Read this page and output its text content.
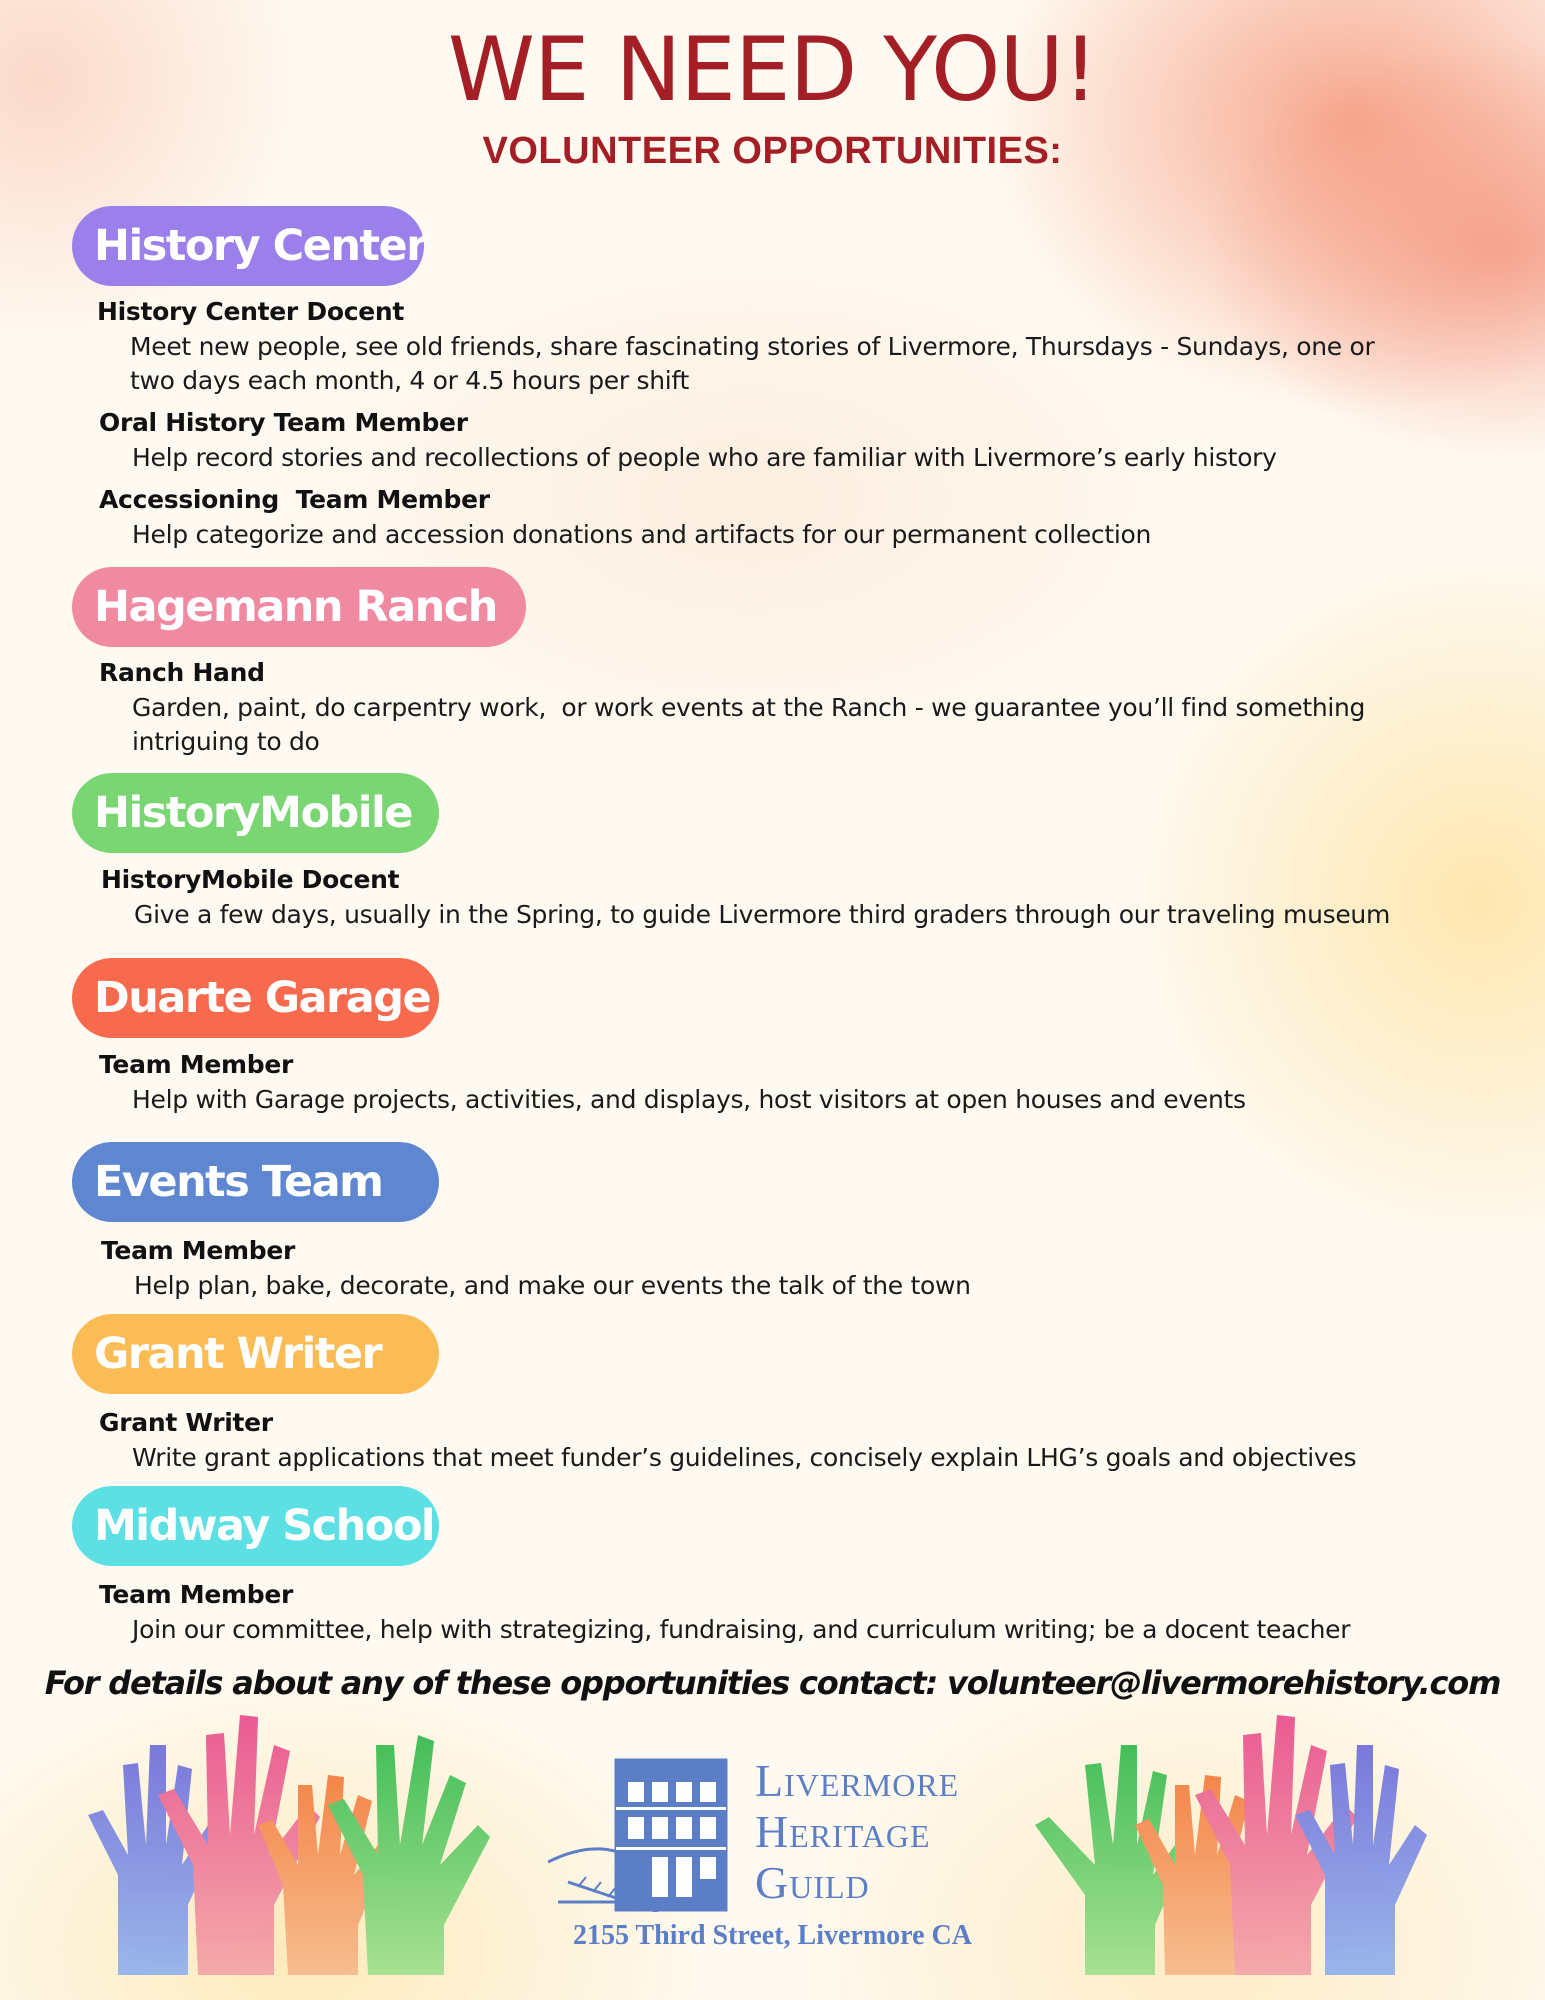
WE NEED YOU!
VOLUNTEER OPPORTUNITIES:
History Center
History Center Docent
Meet new people, see old friends, share fascinating stories of Livermore, Thursdays - Sundays, one or two days each month, 4 or 4.5 hours per shift
Oral History Team Member
Help record stories and recollections of people who are familiar with Livermore’s early history
Accessioning  Team Member
Help categorize and accession donations and artifacts for our permanent collection
Hagemann Ranch
Ranch Hand
Garden, paint, do carpentry work,  or work events at the Ranch - we guarantee you’ll find something intriguing to do
HistoryMobile
HistoryMobile Docent
Give a few days, usually in the Spring, to guide Livermore third graders through our traveling museum
Duarte Garage
Team Member
Help with Garage projects, activities, and displays, host visitors at open houses and events
Events Team
Team Member
Help plan, bake, decorate, and make our events the talk of the town
Grant Writer
Grant Writer
Write grant applications that meet funder’s guidelines, concisely explain LHG’s goals and objectives
Midway School
Team Member
Join our committee, help with strategizing, fundraising, and curriculum writing; be a docent teacher
For details about any of these opportunities contact: volunteer@livermorehistory.com
Livermore
Heritage
Guild
2155 Third Street, Livermore CA
